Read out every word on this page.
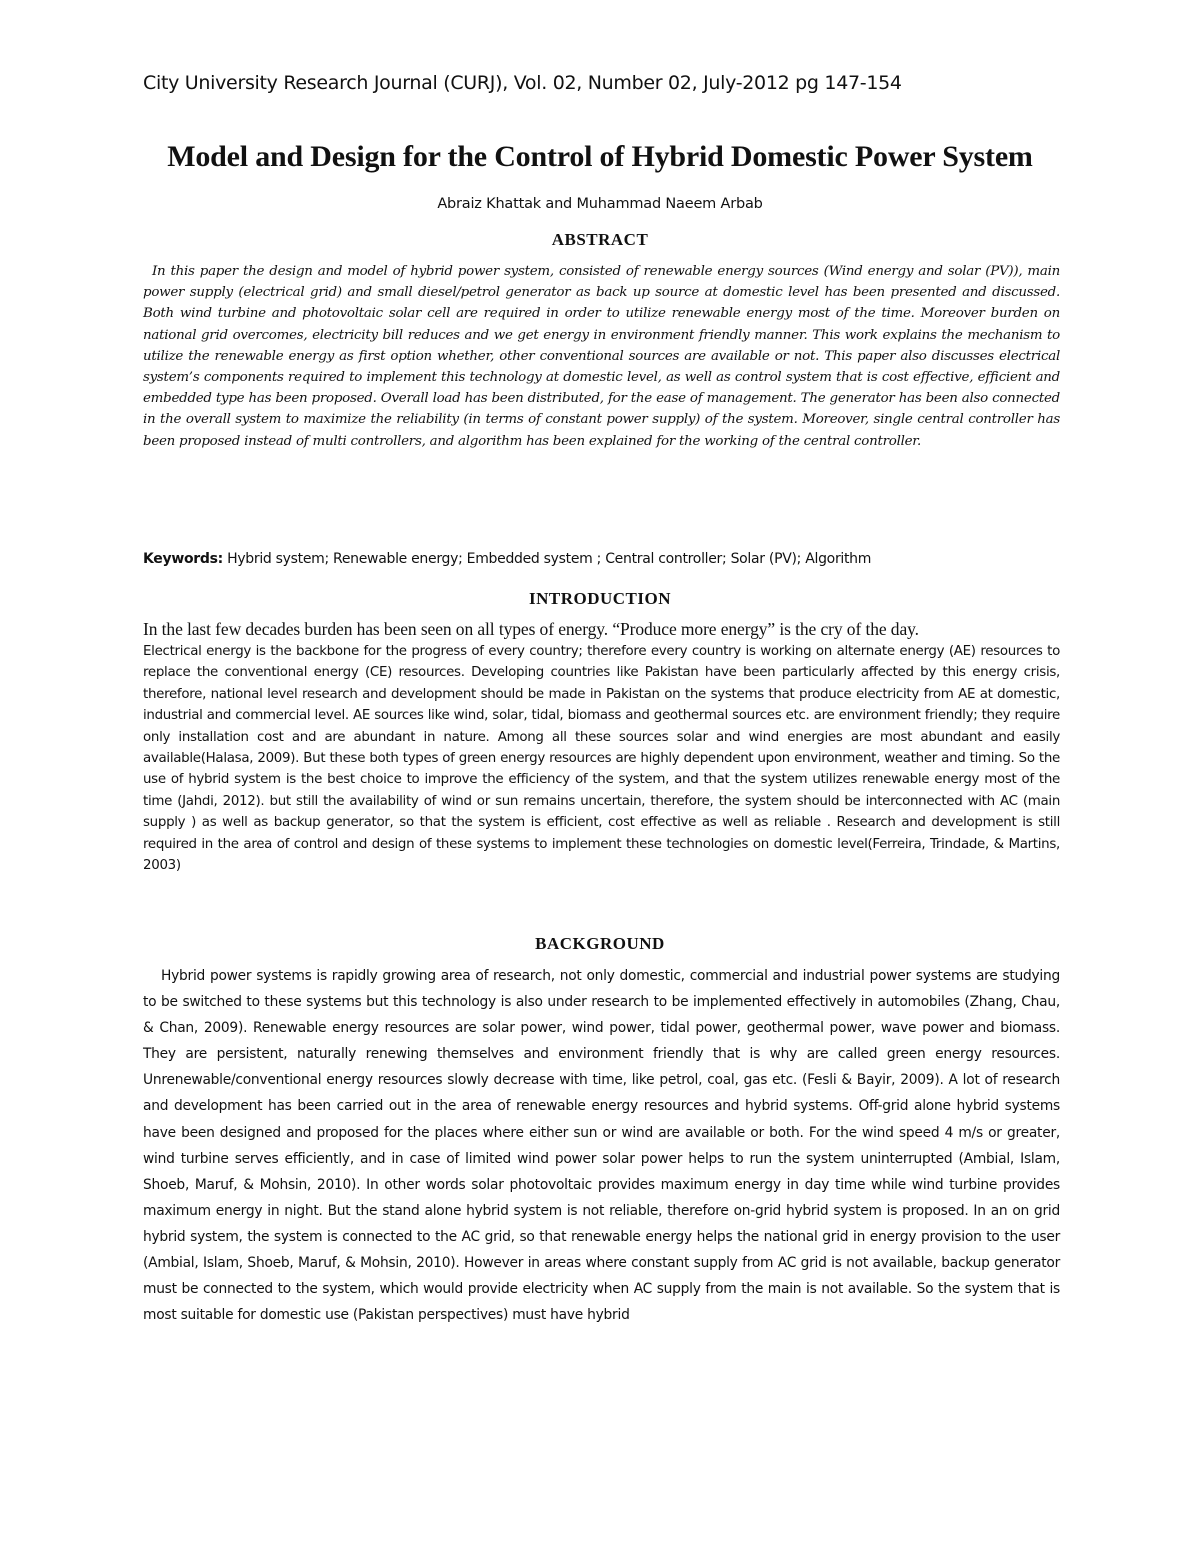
City University Research Journal (CURJ), Vol. 02, Number 02, July-2012 pg 147-154
Model and Design for the Control of Hybrid Domestic Power System
Abraiz Khattak and Muhammad Naeem Arbab
ABSTRACT
In this paper the design and model of hybrid power system, consisted of renewable energy sources (Wind energy and solar (PV)), main power supply (electrical grid) and small diesel/petrol generator as back up source at domestic level has been presented and discussed. Both wind turbine and photovoltaic solar cell are required in order to utilize renewable energy most of the time. Moreover burden on national grid overcomes, electricity bill reduces and we get energy in environment friendly manner. This work explains the mechanism to utilize the renewable energy as first option whether, other conventional sources are available or not. This paper also discusses electrical system’s components required to implement this technology at domestic level, as well as control system that is cost effective, efficient and embedded type has been proposed. Overall load has been distributed, for the ease of management. The generator has been also connected in the overall system to maximize the reliability (in terms of constant power supply) of the system. Moreover, single central controller has been proposed instead of multi controllers, and algorithm has been explained for the working of the central controller.
Keywords: Hybrid system; Renewable energy; Embedded system ; Central controller; Solar (PV); Algorithm
INTRODUCTION
In the last few decades burden has been seen on all types of energy. “Produce more energy” is the cry of the day.
Electrical energy is the backbone for the progress of every country; therefore every country is working on alternate energy (AE) resources to replace the conventional energy (CE) resources. Developing countries like Pakistan have been particularly affected by this energy crisis, therefore, national level research and development should be made in Pakistan on the systems that produce electricity from AE at domestic, industrial and commercial level. AE sources like wind, solar, tidal, biomass and geothermal sources etc. are environment friendly; they require only installation cost and are abundant in nature. Among all these sources solar and wind energies are most abundant and easily available(Halasa, 2009). But these both types of green energy resources are highly dependent upon environment, weather and timing. So the use of hybrid system is the best choice to improve the efficiency of the system, and that the system utilizes renewable energy most of the time (Jahdi, 2012). but still the availability of wind or sun remains uncertain, therefore, the system should be interconnected with AC (main supply ) as well as backup generator, so that the system is efficient, cost effective as well as reliable . Research and development is still required in the area of control and design of these systems to implement these technologies on domestic level(Ferreira, Trindade, & Martins, 2003)
BACKGROUND
Hybrid power systems is rapidly growing area of research, not only domestic, commercial and industrial power systems are studying to be switched to these systems but this technology is also under research to be implemented effectively in automobiles (Zhang, Chau, & Chan, 2009). Renewable energy resources are solar power, wind power, tidal power, geothermal power, wave power and biomass. They are persistent, naturally renewing themselves and environment friendly that is why are called green energy resources. Unrenewable/conventional energy resources slowly decrease with time, like petrol, coal, gas etc. (Fesli & Bayir, 2009). A lot of research and development has been carried out in the area of renewable energy resources and hybrid systems. Off-grid alone hybrid systems have been designed and proposed for the places where either sun or wind are available or both. For the wind speed 4 m/s or greater, wind turbine serves efficiently, and in case of limited wind power solar power helps to run the system uninterrupted (Ambial, Islam, Shoeb, Maruf, & Mohsin, 2010). In other words solar photovoltaic provides maximum energy in day time while wind turbine provides maximum energy in night. But the stand alone hybrid system is not reliable, therefore on-grid hybrid system is proposed. In an on grid hybrid system, the system is connected to the AC grid, so that renewable energy helps the national grid in energy provision to the user (Ambial, Islam, Shoeb, Maruf, & Mohsin, 2010). However in areas where constant supply from AC grid is not available, backup generator must be connected to the system, which would provide electricity when AC supply from the main is not available. So the system that is most suitable for domestic use (Pakistan perspectives) must have hybrid
